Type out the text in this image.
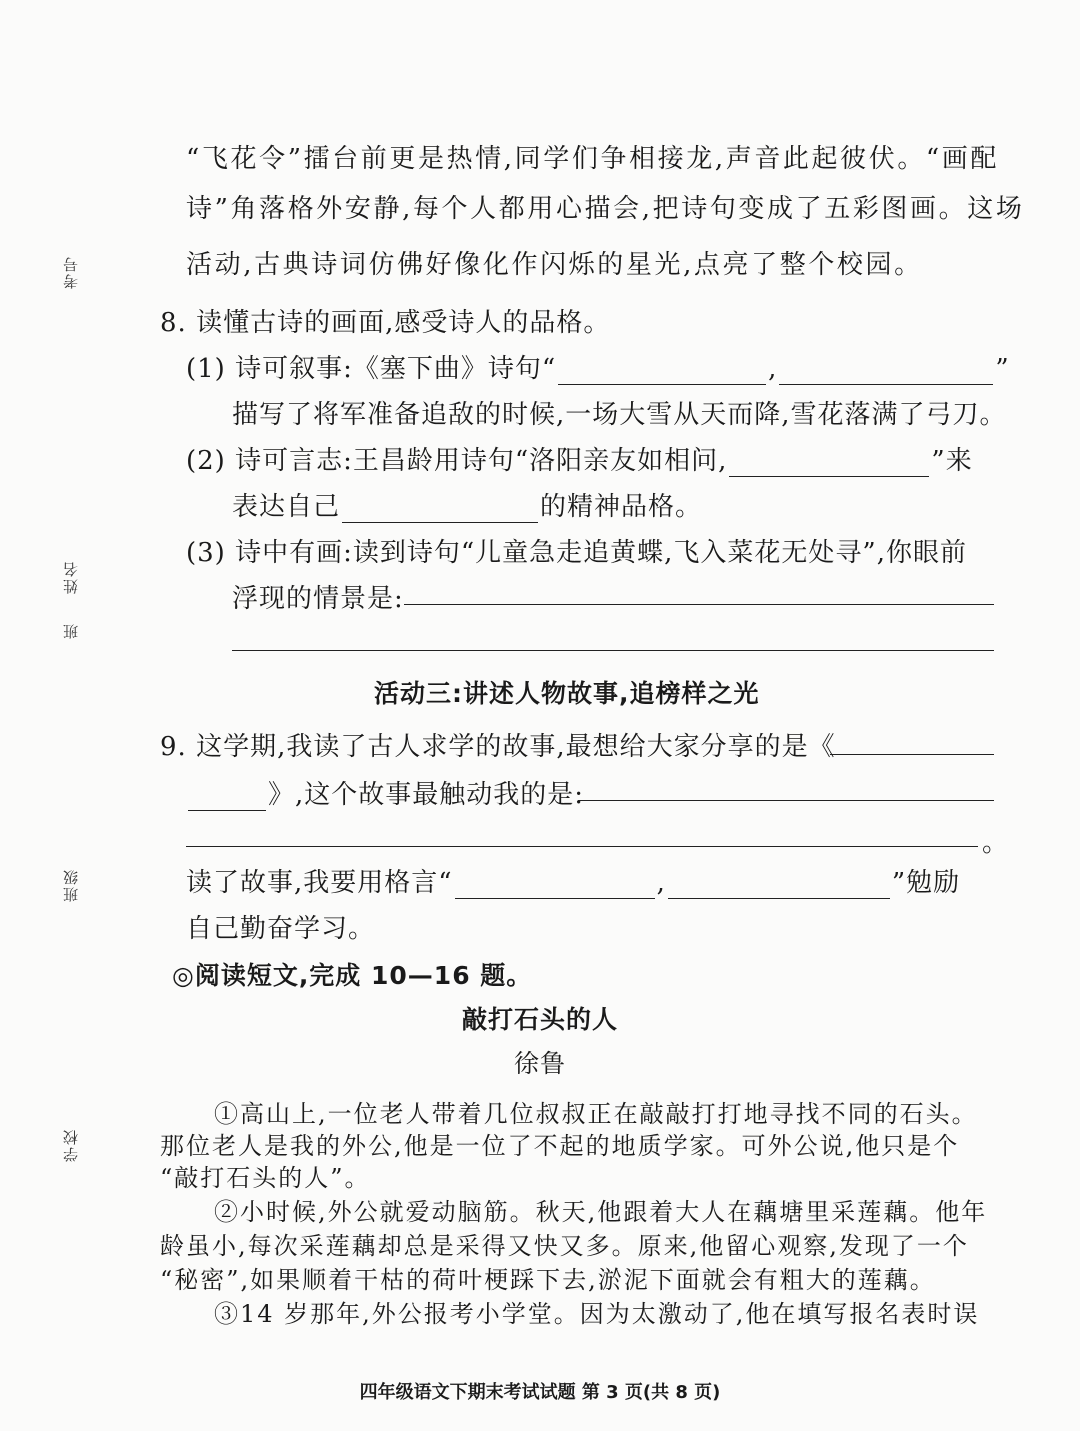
考号
姓名
班
班级
学校
“飞花令”擂台前更是热情,同学们争相接龙,声音此起彼伏。“画配
诗”角落格外安静,每个人都用心描会,把诗句变成了五彩图画。这场
活动,古典诗词仿佛好像化作闪烁的星光,点亮了整个校园。
8. 读懂古诗的画面,感受诗人的品格。
(1) 诗可叙事:《塞下曲》诗句“	,	”
描写了将军准备追敌的时候,一场大雪从天而降,雪花落满了弓刀。
(2) 诗可言志:王昌龄用诗句“洛阳亲友如相问,	”来
表达自己	的精神品格。
(3) 诗中有画:读到诗句“儿童急走追黄蝶,飞入菜花无处寻”,你眼前
浮现的情景是:
活动三:讲述人物故事,追榜样之光
9. 这学期,我读了古人求学的故事,最想给大家分享的是《
》,这个故事最触动我的是:
。
读了故事,我要用格言“	,	”勉励
自己勤奋学习。
◎阅读短文,完成 10—16 题。
敲打石头的人
徐鲁
①高山上,一位老人带着几位叔叔正在敲敲打打地寻找不同的石头。
那位老人是我的外公,他是一位了不起的地质学家。可外公说,他只是个
“敲打石头的人”。
②小时候,外公就爱动脑筋。秋天,他跟着大人在藕塘里采莲藕。他年
龄虽小,每次采莲藕却总是采得又快又多。原来,他留心观察,发现了一个
“秘密”,如果顺着干枯的荷叶梗踩下去,淤泥下面就会有粗大的莲藕。
③14 岁那年,外公报考小学堂。因为太激动了,他在填写报名表时误
四年级语文下期末考试试题 第 3 页(共 8 页)
